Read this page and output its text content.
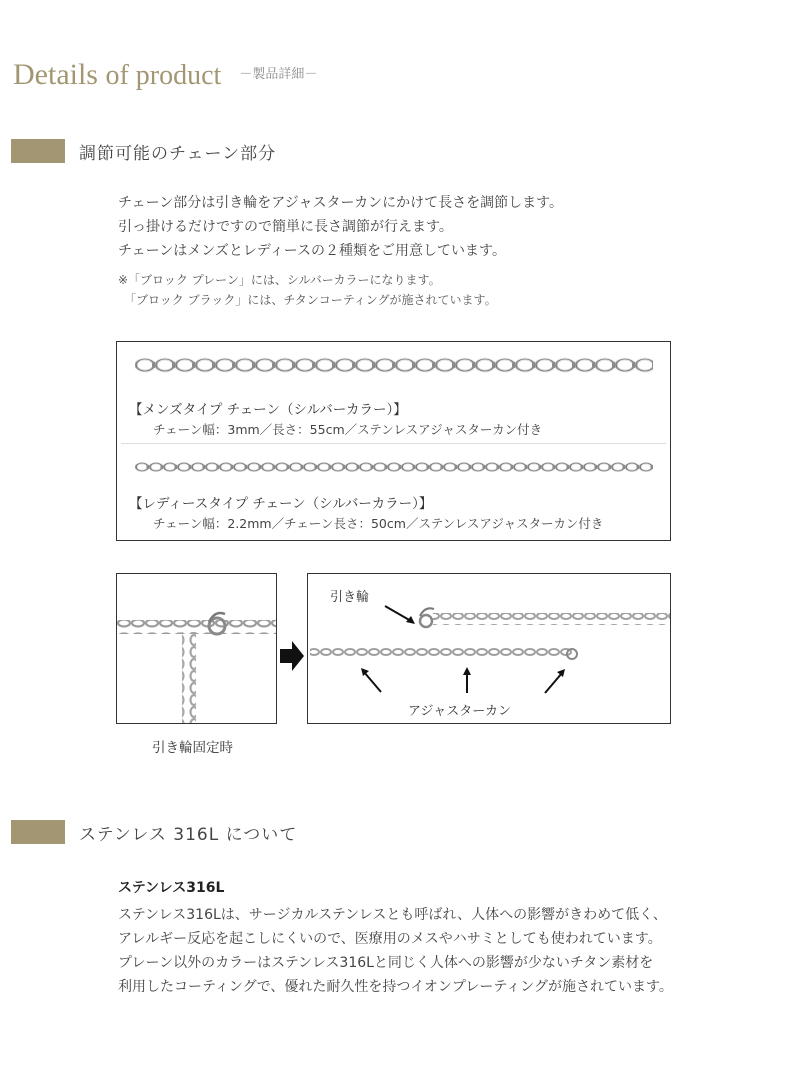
Details of product $^{-製品詳細-}$
調節可能のチェーン部分

チェーン部分は引き輪をアジャスターカンにかけて長さを調節します。

引っ掛けるだけですので簡単に長さ調節が行えます。

チェーンはメンズとレディースの２種類をご用意しています。

※「ブロック プレーン」には、シルバーカラーになります。

　「ブロック ブラック」には、チタンコーティングが施されています。

【メンズタイプ チェーン（シルバーカラー）】
チェーン幅：3mm／長さ：55cm／ステンレスアジャスターカン付き
【レディースタイプ チェーン（シルバーカラー）】
チェーン幅：2.2mm／チェーン長さ：50cm／ステンレスアジャスターカン付き
引き輪
アジャスターカン
引き輪固定時
ステンレス 316L について
ステンレス316L

ステンレス316Lは、サージカルステンレスとも呼ばれ、人体への影響がきわめて低く、

アレルギー反応を起こしにくいので、医療用のメスやハサミとしても使われています。

プレーン以外のカラーはステンレス316Lと同じく人体への影響が少ないチタン素材を

利用したコーティングで、優れた耐久性を持つイオンプレーティングが施されています。
